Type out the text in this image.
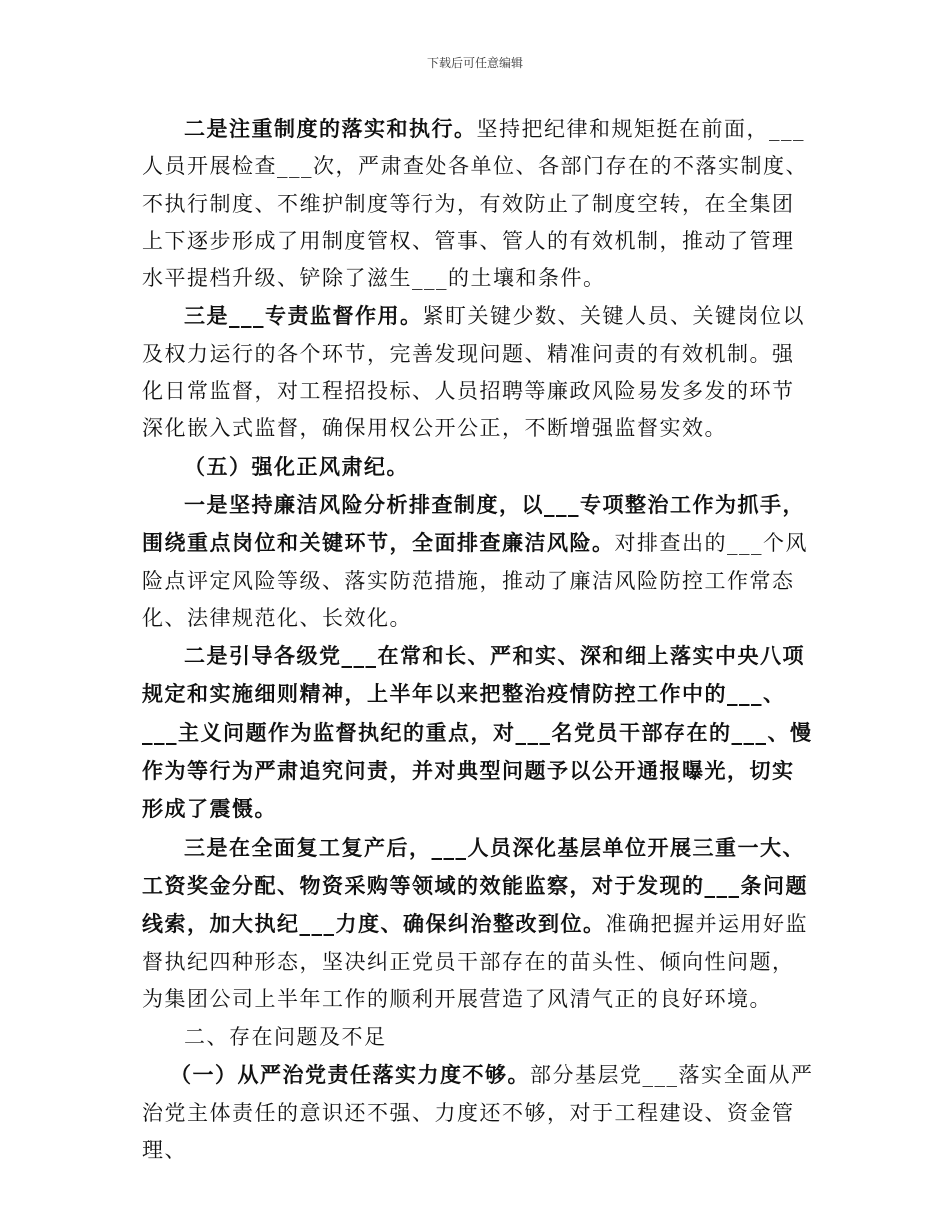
下载后可任意编辑

二是注重制度的落实和执行。坚持把纪律和规矩挺在前面，___人员开展检查___次，严肃查处各单位、各部门存在的不落实制度、不执行制度、不维护制度等行为，有效防止了制度空转，在全集团上下逐步形成了用制度管权、管事、管人的有效机制，推动了管理水平提档升级、铲除了滋生___的土壤和条件。

三是___专责监督作用。紧盯关键少数、关键人员、关键岗位以及权力运行的各个环节，完善发现问题、精准问责的有效机制。强化日常监督，对工程招投标、人员招聘等廉政风险易发多发的环节深化嵌入式监督，确保用权公开公正，不断增强监督实效。

（五）强化正风肃纪。

一是坚持廉洁风险分析排查制度，以___专项整治工作为抓手，围绕重点岗位和关键环节，全面排查廉洁风险。对排查出的___个风险点评定风险等级、落实防范措施，推动了廉洁风险防控工作常态化、法律规范化、长效化。

二是引导各级党___在常和长、严和实、深和细上落实中央八项规定和实施细则精神，上半年以来把整治疫情防控工作中的___、___主义问题作为监督执纪的重点，对___名党员干部存在的___、慢作为等行为严肃追究问责，并对典型问题予以公开通报曝光，切实形成了震慑。

三是在全面复工复产后，___人员深化基层单位开展三重一大、工资奖金分配、物资采购等领域的效能监察，对于发现的___条问题线索，加大执纪___力度、确保纠治整改到位。准确把握并运用好监督执纪四种形态，坚决纠正党员干部存在的苗头性、倾向性问题，为集团公司上半年工作的顺利开展营造了风清气正的良好环境。

二、存在问题及不足

（一）从严治党责任落实力度不够。部分基层党___落实全面从严治党主体责任的意识还不强、力度还不够，对于工程建设、资金管理、
